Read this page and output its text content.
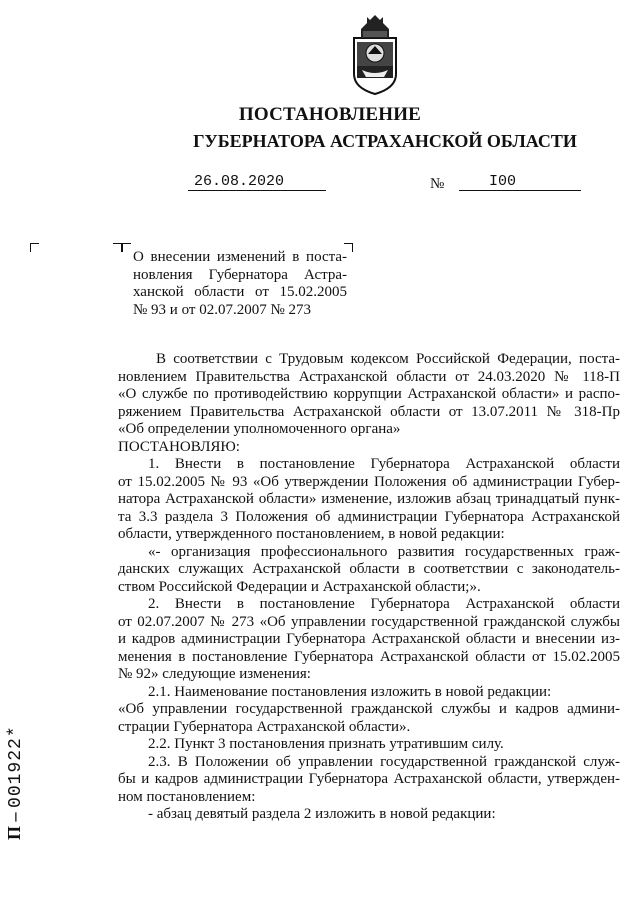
ПОСТАНОВЛЕНИЕ
ГУБЕРНАТОРА АСТРАХАНСКОЙ ОБЛАСТИ
26.08.2020	№	I00
О внесении изменений в поста-
новления Губернатора Астра-
ханской области от 15.02.2005
№ 93 и от 02.07.2007 № 273
В соответствии с Трудовым кодексом Российской Федерации, поста-
новлением Правительства Астраханской области от 24.03.2020 № 118-П
«О службе по противодействию коррупции Астраханской области» и распо-
ряжением Правительства Астраханской области от 13.07.2011 № 318-Пр
«Об определении уполномоченного органа»
ПОСТАНОВЛЯЮ:
1. Внести в постановление Губернатора Астраханской области
от 15.02.2005 № 93 «Об утверждении Положения об администрации Губер-
натора Астраханской области» изменение, изложив абзац тринадцатый пунк-
та 3.3 раздела 3 Положения об администрации Губернатора Астраханской
области, утвержденного постановлением, в новой редакции:
«- организация профессионального развития государственных граж-
данских служащих Астраханской области в соответствии с законодатель-
ством Российской Федерации и Астраханской области;».
2. Внести в постановление Губернатора Астраханской области
от 02.07.2007 № 273 «Об управлении государственной гражданской службы
и кадров администрации Губернатора Астраханской области и внесении из-
менения в постановление Губернатора Астраханской области от 15.02.2005
№ 92» следующие изменения:
2.1. Наименование постановления изложить в новой редакции:
«Об управлении государственной гражданской службы и кадров админи-
страции Губернатора Астраханской области».
2.2. Пункт 3 постановления признать утратившим силу.
2.3. В Положении об управлении государственной гражданской служ-
бы и кадров администрации Губернатора Астраханской области, утвержден-
ном постановлением:
- абзац девятый раздела 2 изложить в новой редакции:
П – 001922*
